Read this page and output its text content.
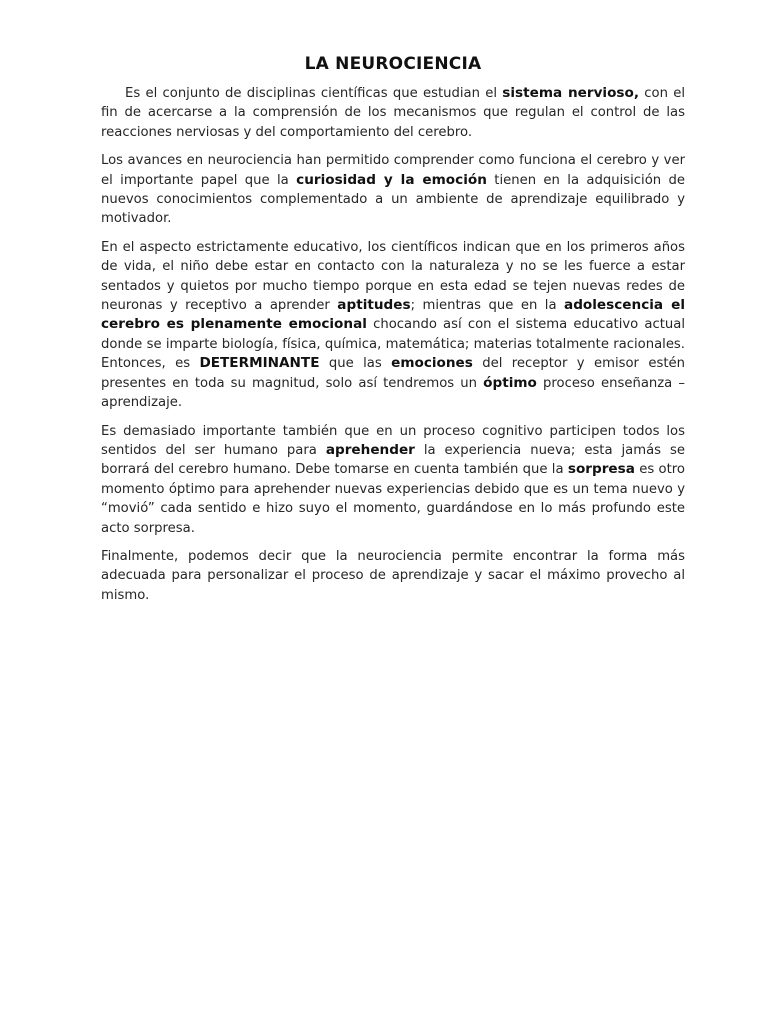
LA NEUROCIENCIA

Es el conjunto de disciplinas científicas que estudian el sistema nervioso, con el fin de acercarse a la comprensión de los mecanismos que regulan el control de las reacciones nerviosas y del comportamiento del cerebro.

Los avances en neurociencia han permitido comprender como funciona el cerebro y ver el importante papel que la curiosidad y la emoción tienen en la adquisición de nuevos conocimientos complementado a un ambiente de aprendizaje equilibrado y motivador.

En el aspecto estrictamente educativo, los científicos indican que en los primeros años de vida, el niño debe estar en contacto con la naturaleza y no se les fuerce a estar sentados y quietos por mucho tiempo porque en esta edad se tejen nuevas redes de neuronas y receptivo a aprender aptitudes; mientras que en la adolescencia el cerebro es plenamente emocional chocando así con el sistema educativo actual donde se imparte biología, física, química, matemática; materias totalmente racionales. Entonces, es DETERMINANTE que las emociones del receptor y emisor estén presentes en toda su magnitud, solo así tendremos un óptimo proceso enseñanza – aprendizaje.

Es demasiado importante también que en un proceso cognitivo participen todos los sentidos del ser humano para aprehender la experiencia nueva; esta jamás se borrará del cerebro humano. Debe tomarse en cuenta también que la sorpresa es otro momento óptimo para aprehender nuevas experiencias debido que es un tema nuevo y “movió” cada sentido e hizo suyo el momento, guardándose en lo más profundo este acto sorpresa.

Finalmente, podemos decir que la neurociencia permite encontrar la forma más adecuada para personalizar el proceso de aprendizaje y sacar el máximo provecho al mismo.
